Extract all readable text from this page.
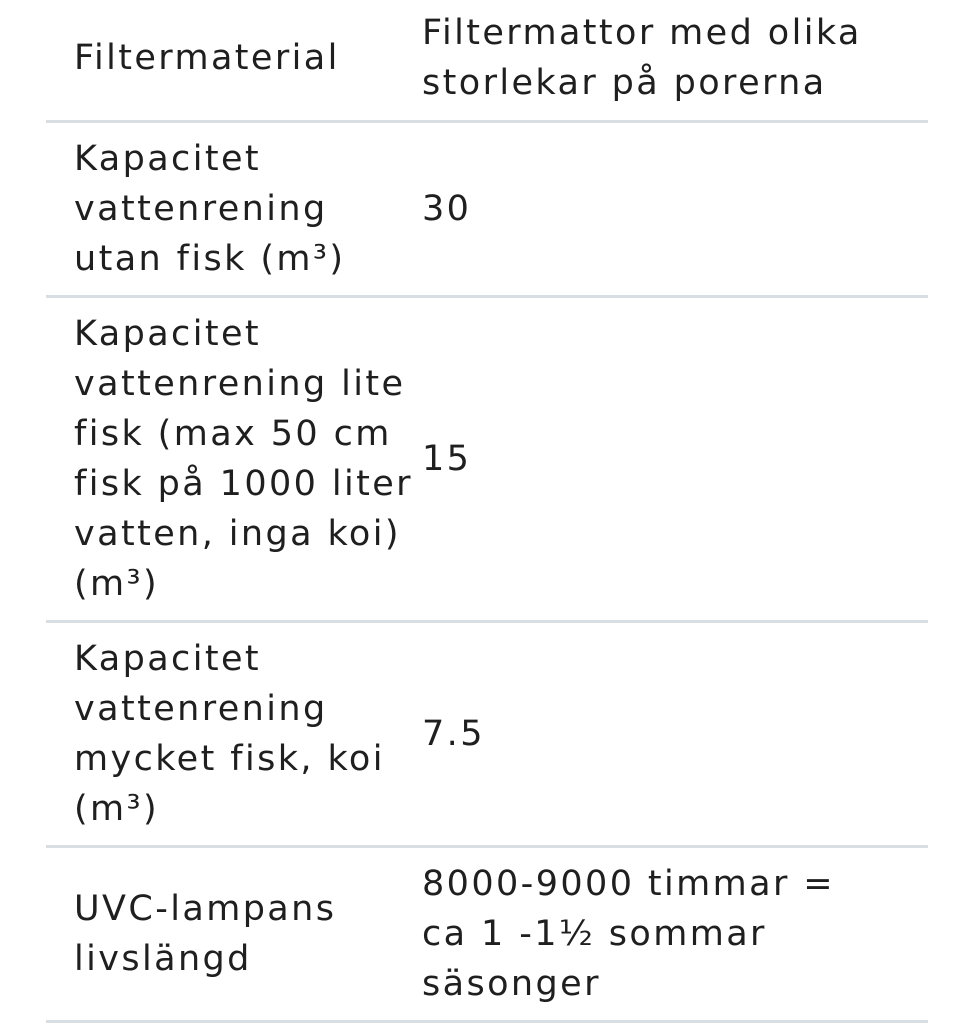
Filtermaterial

Filtermattor med olika
storlekar på porerna

Kapacitet
vattenrening
utan fisk (m³)

30

Kapacitet
vattenrening lite
fisk (max 50 cm
fisk på 1000 liter
vatten, inga koi)
(m³)

15

Kapacitet
vattenrening
mycket fisk, koi
(m³)

7.5

UVC-lampans
livslängd

8000-9000 timmar =
ca 1 -1½ sommar
säsonger
